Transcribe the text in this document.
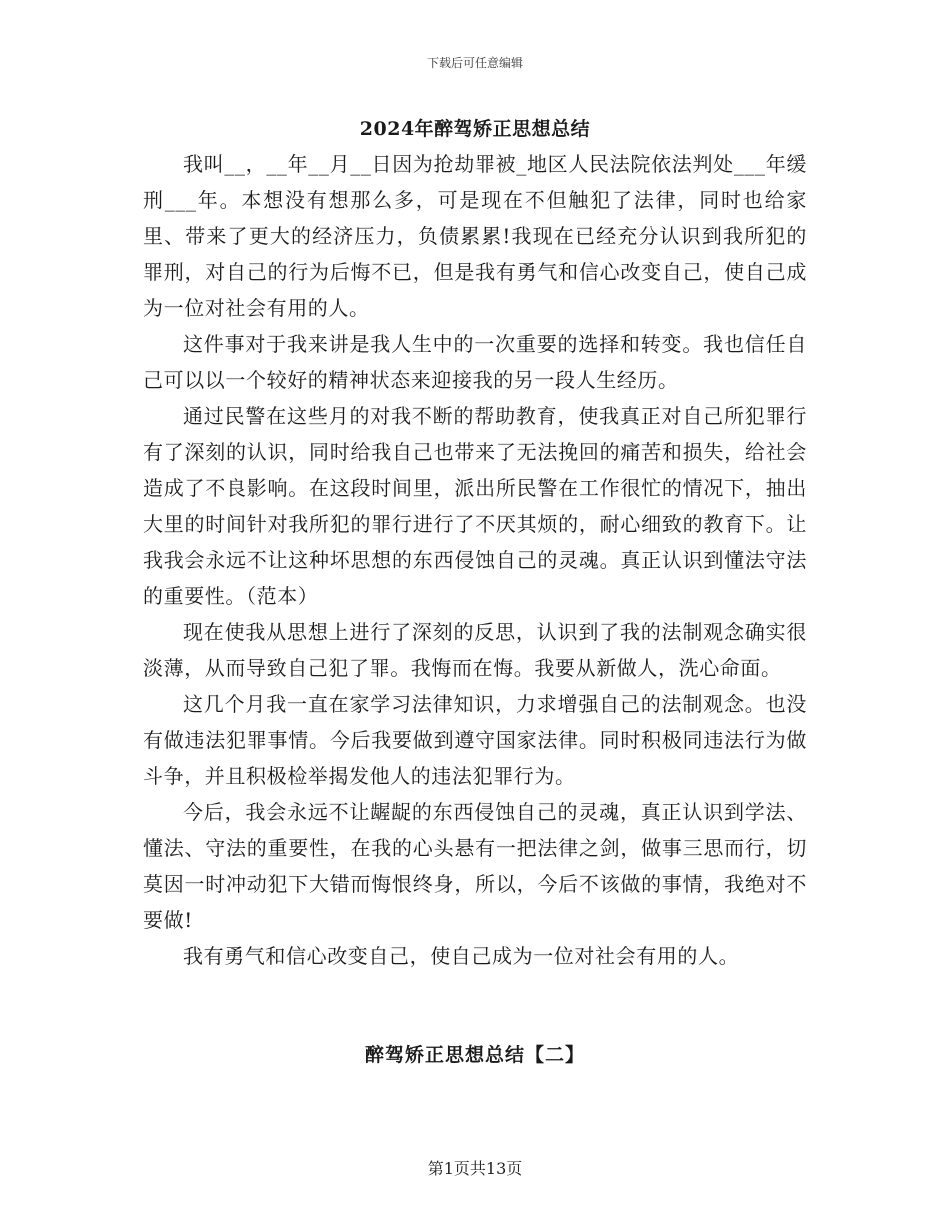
下载后可任意编辑
2024年醉驾矫正思想总结

我叫__，__年__月__日因为抢劫罪被_地区人民法院依法判处___年缓刑___年。本想没有想那么多，可是现在不但触犯了法律，同时也给家里、带来了更大的经济压力，负债累累!我现在已经充分认识到我所犯的罪刑，对自己的行为后悔不已，但是我有勇气和信心改变自己，使自己成为一位对社会有用的人。

这件事对于我来讲是我人生中的一次重要的选择和转变。我也信任自己可以以一个较好的精神状态来迎接我的另一段人生经历。

通过民警在这些月的对我不断的帮助教育，使我真正对自己所犯罪行有了深刻的认识，同时给我自己也带来了无法挽回的痛苦和损失，给社会造成了不良影响。在这段时间里，派出所民警在工作很忙的情况下，抽出大里的时间针对我所犯的罪行进行了不厌其烦的，耐心细致的教育下。让我我会永远不让这种坏思想的东西侵蚀自己的灵魂。真正认识到懂法守法的重要性。（范本）

现在使我从思想上进行了深刻的反思，认识到了我的法制观念确实很淡薄，从而导致自己犯了罪。我悔而在悔。我要从新做人，洗心命面。

这几个月我一直在家学习法律知识，力求增强自己的法制观念。也没有做违法犯罪事情。今后我要做到遵守国家法律。同时积极同违法行为做斗争，并且积极检举揭发他人的违法犯罪行为。

今后，我会永远不让龌龊的东西侵蚀自己的灵魂，真正认识到学法、懂法、守法的重要性，在我的心头悬有一把法律之剑，做事三思而行，切莫因一时冲动犯下大错而悔恨终身，所以，今后不该做的事情，我绝对不要做!

我有勇气和信心改变自己，使自己成为一位对社会有用的人。

醉驾矫正思想总结【二】
第1页共13页
